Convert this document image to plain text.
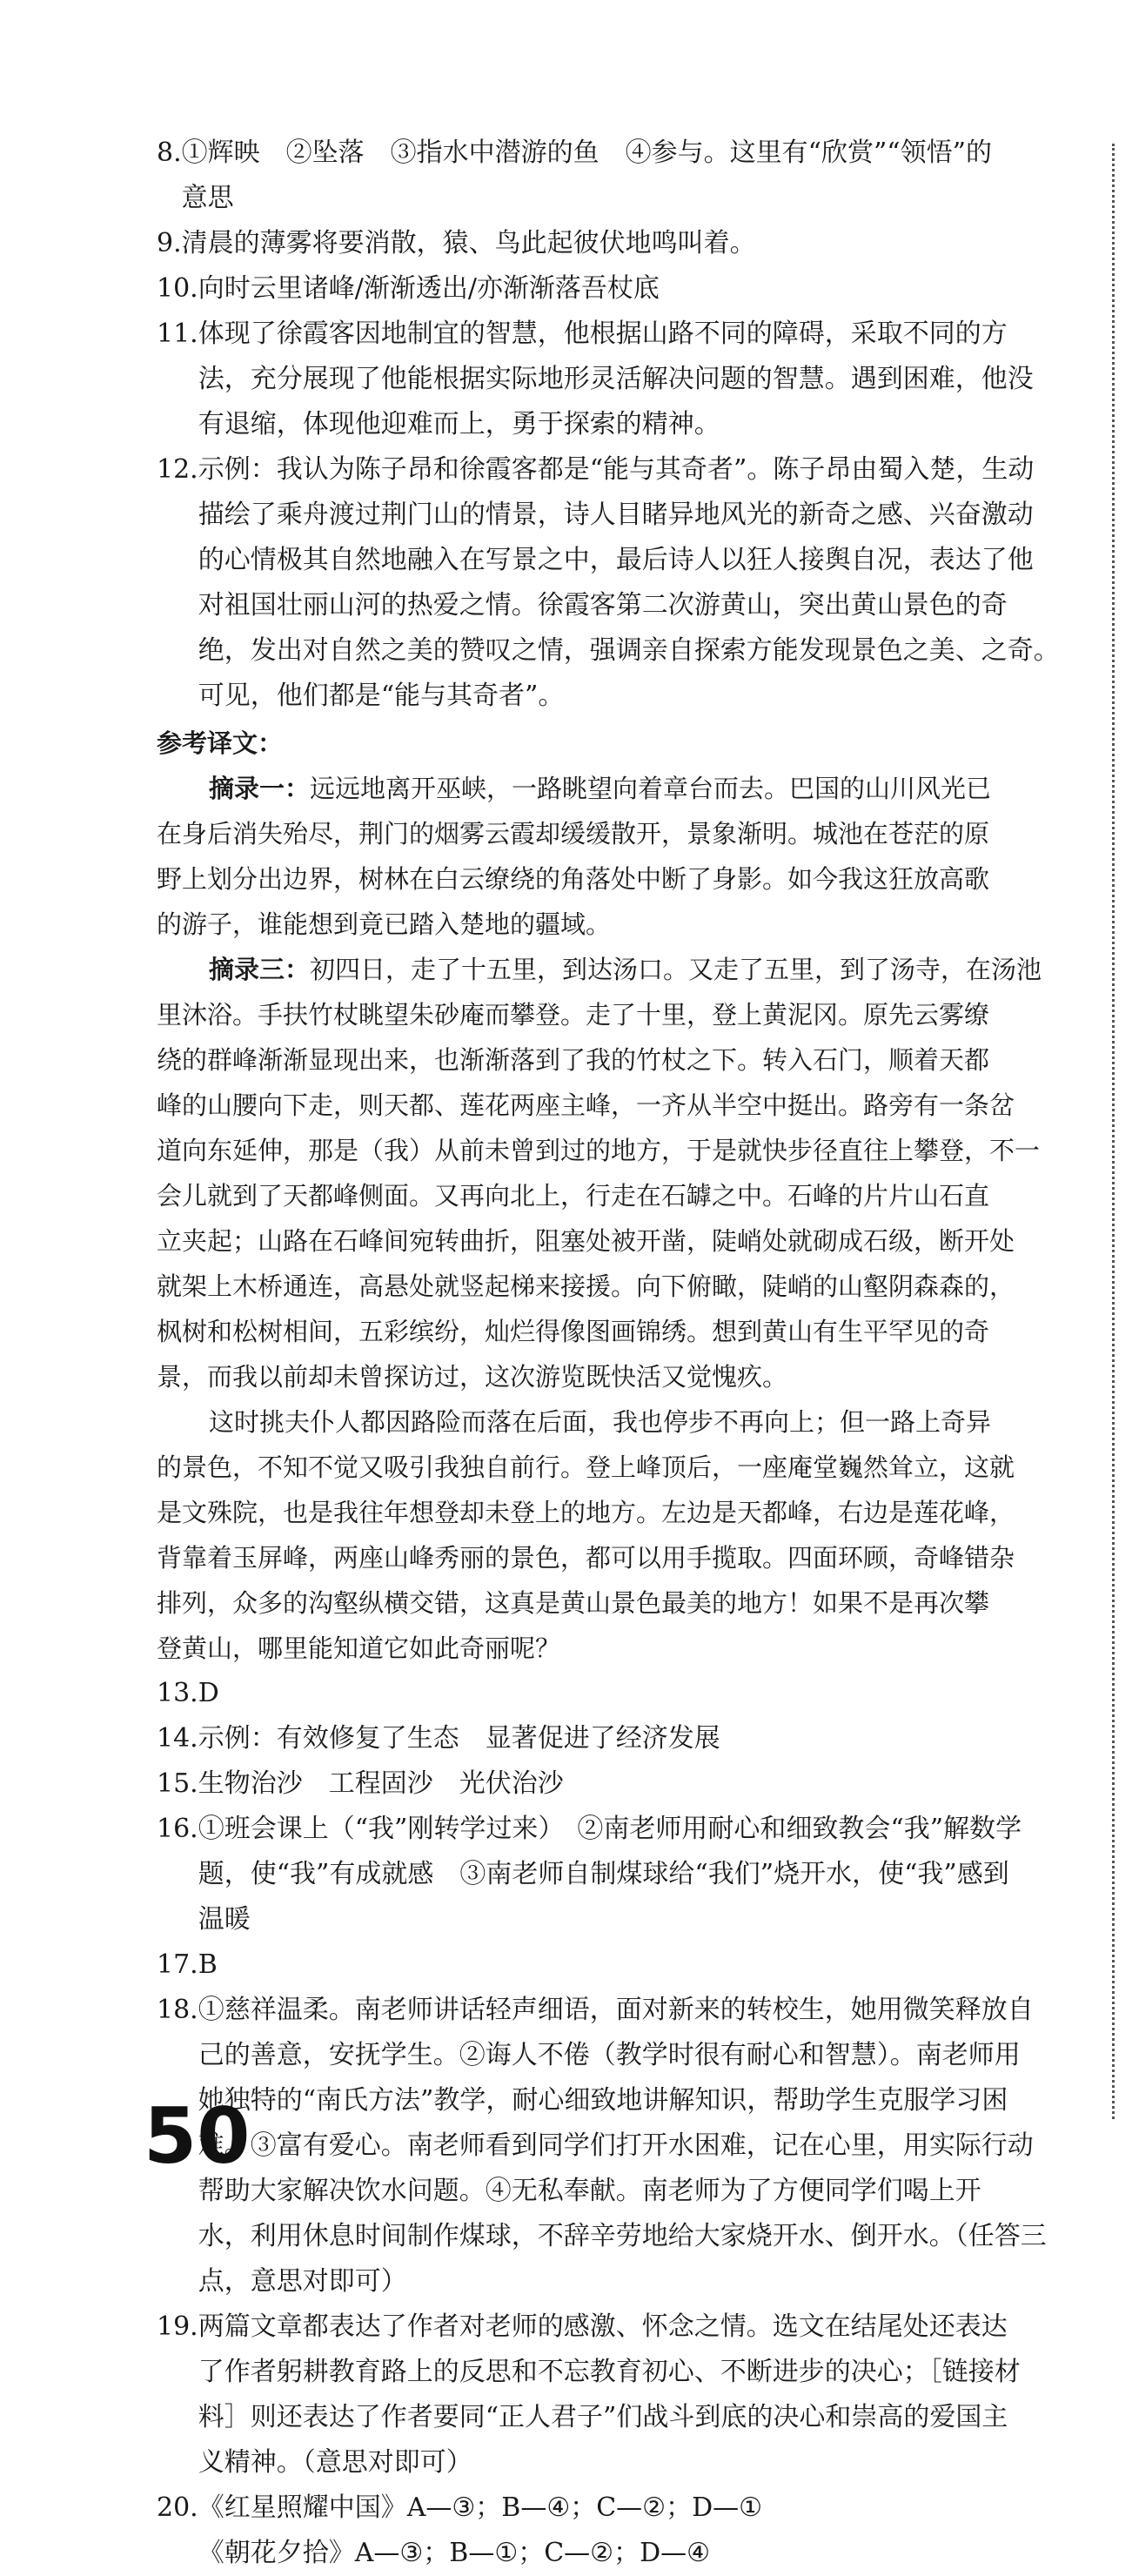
8. ①辉映　②坠落　③指水中潜游的鱼　④参与。这里有“欣赏”“领悟”的
意思
9. 清晨的薄雾将要消散，猿、鸟此起彼伏地鸣叫着。
10. 向时云里诸峰/渐渐透出/亦渐渐落吾杖底
11. 体现了徐霞客因地制宜的智慧，他根据山路不同的障碍，采取不同的方
法，充分展现了他能根据实际地形灵活解决问题的智慧。遇到困难，他没
有退缩，体现他迎难而上，勇于探索的精神。
12. 示例：我认为陈子昂和徐霞客都是“能与其奇者”。陈子昂由蜀入楚，生动
描绘了乘舟渡过荆门山的情景，诗人目睹异地风光的新奇之感、兴奋激动
的心情极其自然地融入在写景之中，最后诗人以狂人接舆自况，表达了他
对祖国壮丽山河的热爱之情。徐霞客第二次游黄山，突出黄山景色的奇
绝，发出对自然之美的赞叹之情，强调亲自探索方能发现景色之美、之奇。
可见，他们都是“能与其奇者”。
参考译文：
摘录一：远远地离开巫峡，一路眺望向着章台而去。巴国的山川风光已
在身后消失殆尽，荆门的烟雾云霞却缓缓散开，景象渐明。城池在苍茫的原
野上划分出边界，树林在白云缭绕的角落处中断了身影。如今我这狂放高歌
的游子，谁能想到竟已踏入楚地的疆域。
摘录三：初四日，走了十五里，到达汤口。又走了五里，到了汤寺，在汤池
里沐浴。手扶竹杖眺望朱砂庵而攀登。走了十里，登上黄泥冈。原先云雾缭
绕的群峰渐渐显现出来，也渐渐落到了我的竹杖之下。转入石门，顺着天都
峰的山腰向下走，则天都、莲花两座主峰，一齐从半空中挺出。路旁有一条岔
道向东延伸，那是（我）从前未曾到过的地方，于是就快步径直往上攀登，不一
会儿就到了天都峰侧面。又再向北上，行走在石罅之中。石峰的片片山石直
立夹起；山路在石峰间宛转曲折，阻塞处被开凿，陡峭处就砌成石级，断开处
就架上木桥通连，高悬处就竖起梯来接援。向下俯瞰，陡峭的山壑阴森森的，
枫树和松树相间，五彩缤纷，灿烂得像图画锦绣。想到黄山有生平罕见的奇
景，而我以前却未曾探访过，这次游览既快活又觉愧疚。
这时挑夫仆人都因路险而落在后面，我也停步不再向上；但一路上奇异
的景色，不知不觉又吸引我独自前行。登上峰顶后，一座庵堂巍然耸立，这就
是文殊院，也是我往年想登却未登上的地方。左边是天都峰，右边是莲花峰，
背靠着玉屏峰，两座山峰秀丽的景色，都可以用手揽取。四面环顾，奇峰错杂
排列，众多的沟壑纵横交错，这真是黄山景色最美的地方！如果不是再次攀
登黄山，哪里能知道它如此奇丽呢？
13. D
14. 示例：有效修复了生态　显著促进了经济发展
15. 生物治沙　工程固沙　光伏治沙
16. ①班会课上（“我”刚转学过来）　②南老师用耐心和细致教会“我”解数学
题，使“我”有成就感　③南老师自制煤球给“我们”烧开水，使“我”感到
温暖
17. B
18. ①慈祥温柔。南老师讲话轻声细语，面对新来的转校生，她用微笑释放自
己的善意，安抚学生。②诲人不倦（教学时很有耐心和智慧）。南老师用
她独特的“南氏方法”教学，耐心细致地讲解知识，帮助学生克服学习困
难。③富有爱心。南老师看到同学们打开水困难，记在心里，用实际行动
帮助大家解决饮水问题。④无私奉献。南老师为了方便同学们喝上开
水，利用休息时间制作煤球，不辞辛劳地给大家烧开水、倒开水。（任答三
点，意思对即可）
19. 两篇文章都表达了作者对老师的感激、怀念之情。选文在结尾处还表达
了作者躬耕教育路上的反思和不忘教育初心、不断进步的决心；［链接材
料］则还表达了作者要同“正人君子”们战斗到底的决心和崇高的爱国主
义精神。（意思对即可）
20. 《红星照耀中国》A—③；B—④；C—②；D—①
《朝花夕拾》A—③；B—①；C—②；D—④
50
